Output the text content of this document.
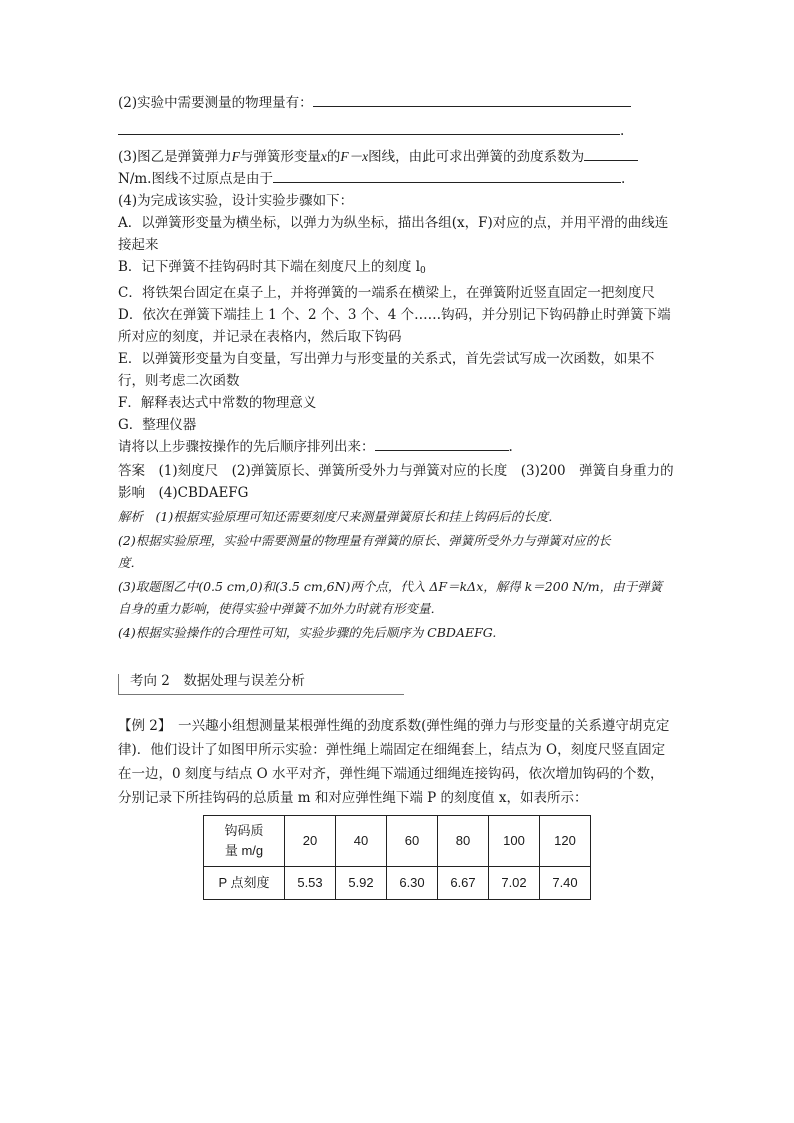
(2)实验中需要测量的物理量有：
.
(3)图乙是弹簧弹力F与弹簧形变量x的F－x图线，由此可求出弹簧的劲度系数为
N/m.图线不过原点是由于	.
(4)为完成该实验，设计实验步骤如下：
A．以弹簧形变量为横坐标，以弹力为纵坐标，描出各组(x，F)对应的点，并用平滑的曲线连
接起来
B．记下弹簧不挂钩码时其下端在刻度尺上的刻度 $l_0$
C．将铁架台固定在桌子上，并将弹簧的一端系在横梁上，在弹簧附近竖直固定一把刻度尺
D．依次在弹簧下端挂上 1 个、2 个、3 个、4 个……钩码，并分别记下钩码静止时弹簧下端
所对应的刻度，并记录在表格内，然后取下钩码
E．以弹簧形变量为自变量，写出弹力与形变量的关系式，首先尝试写成一次函数，如果不
行，则考虑二次函数
F．解释表达式中常数的物理意义
G．整理仪器
请将以上步骤按操作的先后顺序排列出来：	.
答案　(1)刻度尺　(2)弹簧原长、弹簧所受外力与弹簧对应的长度　(3)200　弹簧自身重力的
影响　(4)CBDAEFG
解析　(1)根据实验原理可知还需要刻度尺来测量弹簧原长和挂上钩码后的长度．
(2)根据实验原理，实验中需要测量的物理量有弹簧的原长、弹簧所受外力与弹簧对应的长
度．
(3)取题图乙中(0.5 cm,0)和(3.5 cm,6N)两个点，代入 ΔF＝kΔx，解得 k＝200 N/m，由于弹簧
自身的重力影响，使得实验中弹簧不加外力时就有形变量．
(4)根据实验操作的合理性可知，实验步骤的先后顺序为 CBDAEFG.
考向 2　数据处理与误差分析
【例 2】　一兴趣小组想测量某根弹性绳的劲度系数(弹性绳的弹力与形变量的关系遵守胡克定
律)．他们设计了如图甲所示实验：弹性绳上端固定在细绳套上，结点为 O，刻度尺竖直固定
在一边，0 刻度与结点 O 水平对齐，弹性绳下端通过细绳连接钩码，依次增加钩码的个数，
分别记录下所挂钩码的总质量 m 和对应弹性绳下端 P 的刻度值 x，如表所示：
钩码质
量 m/g	20	40	60	80	100	120
P 点刻度	5.53	5.92	6.30	6.67	7.02	7.40
